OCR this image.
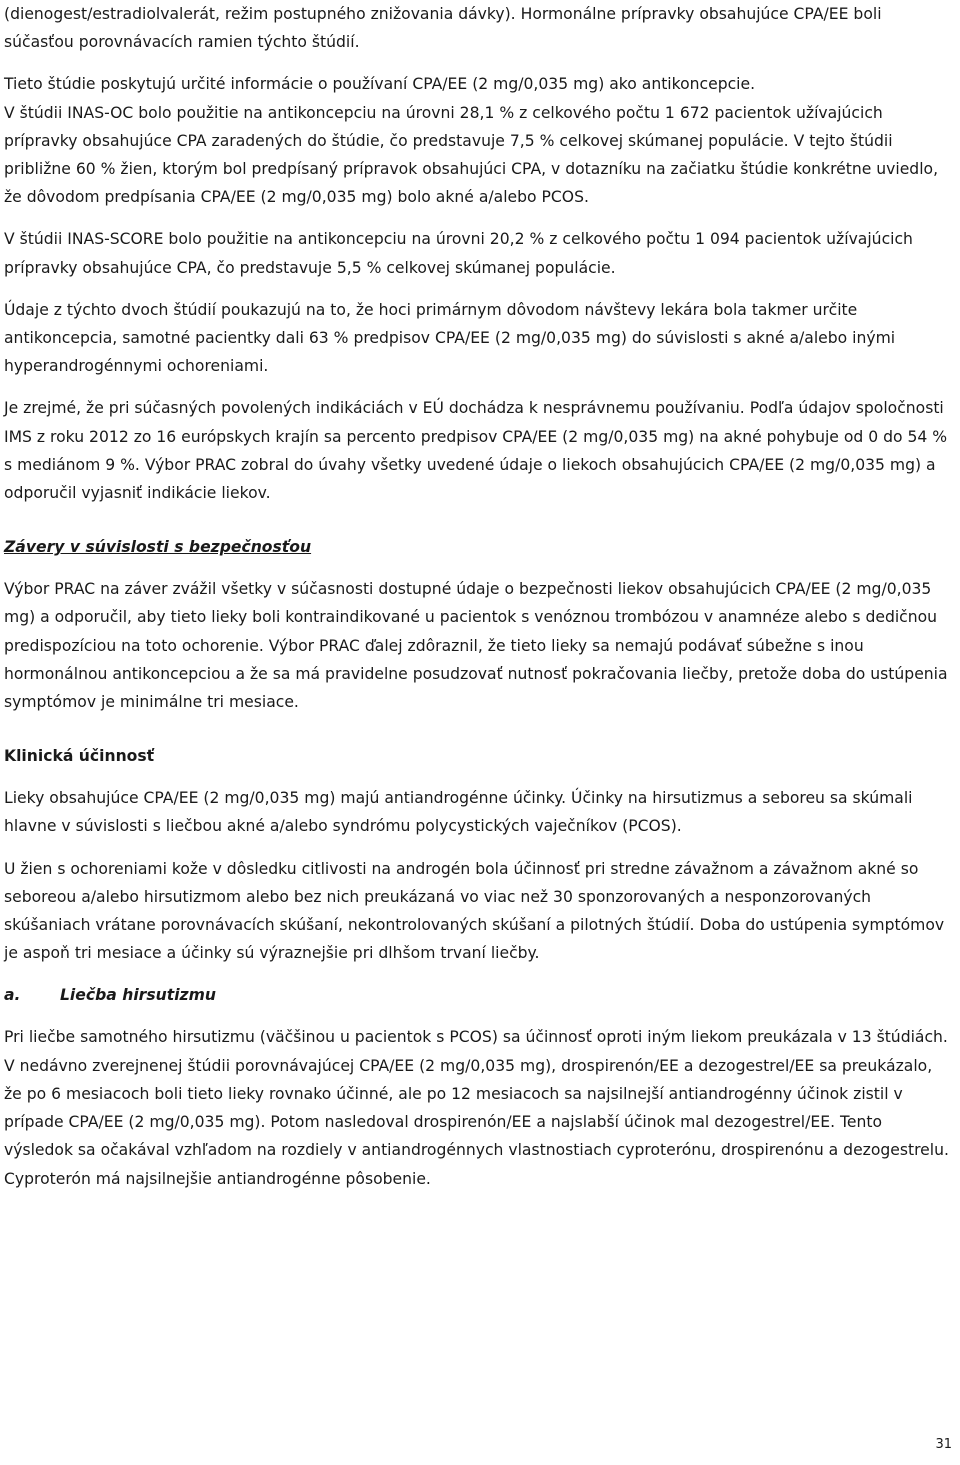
(dienogest/estradiolvalerát, režim postupného znižovania dávky). Hormonálne prípravky obsahujúce CPA/EE boli súčasťou porovnávacích ramien týchto štúdií.

Tieto štúdie poskytujú určité informácie o používaní CPA/EE (2 mg/0,035 mg) ako antikoncepcie.

V štúdii INAS-OC bolo použitie na antikoncepciu na úrovni 28,1 % z celkového počtu 1 672 pacientok užívajúcich prípravky obsahujúce CPA zaradených do štúdie, čo predstavuje 7,5 % celkovej skúmanej populácie. V tejto štúdii približne 60 % žien, ktorým bol predpísaný prípravok obsahujúci CPA, v dotazníku na začiatku štúdie konkrétne uviedlo, že dôvodom predpísania CPA/EE (2 mg/0,035 mg) bolo akné a/alebo PCOS.

V štúdii INAS-SCORE bolo použitie na antikoncepciu na úrovni 20,2 % z celkového počtu 1 094 pacientok užívajúcich prípravky obsahujúce CPA, čo predstavuje 5,5 % celkovej skúmanej populácie.

Údaje z týchto dvoch štúdií poukazujú na to, že hoci primárnym dôvodom návštevy lekára bola takmer určite antikoncepcia, samotné pacientky dali 63 % predpisov CPA/EE (2 mg/0,035 mg) do súvislosti s akné a/alebo inými hyperandrogénnymi ochoreniami.

Je zrejmé, že pri súčasných povolených indikáciách v EÚ dochádza k nesprávnemu používaniu. Podľa údajov spoločnosti IMS z roku 2012 zo 16 európskych krajín sa percento predpisov CPA/EE (2 mg/0,035 mg) na akné pohybuje od 0 do 54 % s mediánom 9 %. Výbor PRAC zobral do úvahy všetky uvedené údaje o liekoch obsahujúcich CPA/EE (2 mg/0,035 mg) a odporučil vyjasniť indikácie liekov.

Závery v súvislosti s bezpečnosťou

Výbor PRAC na záver zvážil všetky v súčasnosti dostupné údaje o bezpečnosti liekov obsahujúcich CPA/EE (2 mg/0,035 mg) a odporučil, aby tieto lieky boli kontraindikované u pacientok s venóznou trombózou v anamnéze alebo s dedičnou predispozíciou na toto ochorenie. Výbor PRAC ďalej zdôraznil, že tieto lieky sa nemajú podávať súbežne s inou hormonálnou antikoncepciou a že sa má pravidelne posudzovať nutnosť pokračovania liečby, pretože doba do ustúpenia symptómov je minimálne tri mesiace.

Klinická účinnosť

Lieky obsahujúce CPA/EE (2 mg/0,035 mg) majú antiandrogénne účinky. Účinky na hirsutizmus a seboreu sa skúmali hlavne v súvislosti s liečbou akné a/alebo syndrómu polycystických vaječníkov (PCOS).

U žien s ochoreniami kože v dôsledku citlivosti na androgén bola účinnosť pri stredne závažnom a závažnom akné so seboreou a/alebo hirsutizmom alebo bez nich preukázaná vo viac než 30 sponzorovaných a nesponzorovaných skúšaniach vrátane porovnávacích skúšaní, nekontrolovaných skúšaní a pilotných štúdií. Doba do ustúpenia symptómov je aspoň tri mesiace a účinky sú výraznejšie pri dlhšom trvaní liečby.

a.	Liečba hirsutizmu

Pri liečbe samotného hirsutizmu (väčšinou u pacientok s PCOS) sa účinnosť oproti iným liekom preukázala v 13 štúdiách. V nedávno zverejnenej štúdii porovnávajúcej CPA/EE (2 mg/0,035 mg), drospirenón/EE a dezogestrel/EE sa preukázalo, že po 6 mesiacoch boli tieto lieky rovnako účinné, ale po 12 mesiacoch sa najsilnejší antiandrogénny účinok zistil v prípade CPA/EE (2 mg/0,035 mg). Potom nasledoval drospirenón/EE a najslabší účinok mal dezogestrel/EE. Tento výsledok sa očakával vzhľadom na rozdiely v antiandrogénnych vlastnostiach cyproterónu, drospirenónu a dezogestrelu. Cyproterón má najsilnejšie antiandrogénne pôsobenie.

31
